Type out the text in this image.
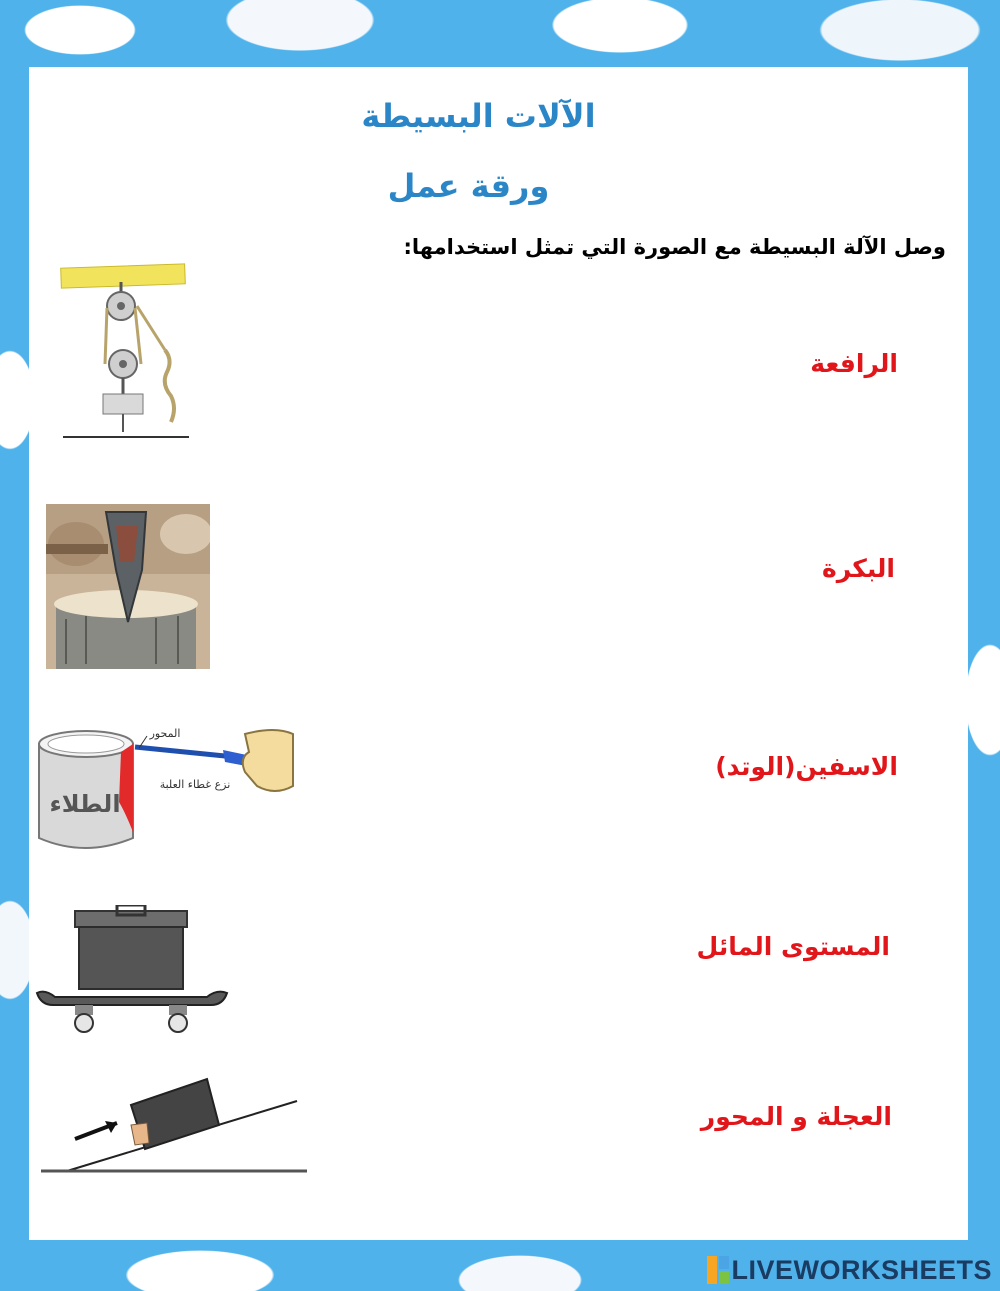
الآلات البسيطة
ورقة عمل
وصل الآلة البسيطة مع الصورة التي تمثل استخدامها:
الرافعة
البكرة
الاسفين(الوتد)
المستوى المائل
العجلة و المحور
المحور
نزع غطاء العلبة
الطلاء
LIVEWORKSHEETS
